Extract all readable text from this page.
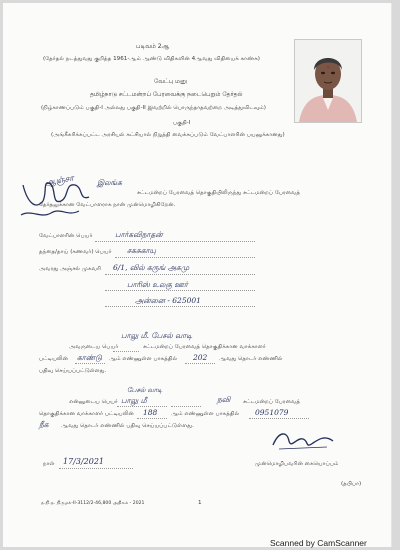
படிவம் 2ஆ
(தேர்தல் நடத்துவது குறித்த 1961-ஆம் ஆண்டு விதிகளின் 4ஆவது விதியைக் காண்க)
வேட்பு மனு
தமிழ்நாடு சட்டமன்றப் பேரவைக்கு நடைபெறும் தேர்தல்
(நிழ்காணப்படும் பகுதி-I அல்லது பகுதி-II இவற்றில் பொருந்தாதவற்றை அடித்துவிடவும்)
பகுதி-I
(அங்கீகரிக்கப்பட்ட அரசியல் கட்சியால் நிறுத்தி வைக்கப்படும் வேட்பாளரின் பயனுக்கானது)
ஆஞ்சா	இலங்க
சட்டமன்றப் பேரவைத் தொகுதியிலிருந்து சட்டமன்றப் பேரவைத்
தேர்தலுக்கான வேட்பாளராக நான் முன்மொழிகிறேன்.
வேட்பாளரின் பெயர்	பார்கவிநாதன்
தந்தை/தாய் (கணவர்) பெயர் சகசுகாயு
அவரது அஞ்சல் முகவரி 6/1, வில் கருங் அகமு
பாரிஸ் உலகு ஊர்
அன்னை - 625001
பாலு மீ. பேசல் வாடி
அவருடைய பெயர்	சட்டமன்றப் பேரவைத் தொகுதிக்கான வாக்காளர்
பட்டியலின் காண்டு ஆம் எண்ணுள்ள பாகத்தில் 202 ஆவது தொடர் எண்ணில்
பதிவு செய்யப்பட்டுள்ளது.
பேசல் வாடி
என்னுடைய பெயர் பாலு மீ	நவி சட்டமன்றப் பேரவைத்
தொகுதிக்கான வாக்காளர் பட்டியலின் 188 ஆம் எண்ணுள்ள பாகத்தில் 0951079
நீக ஆவது தொடர் எண்ணில் பதிவு செய்யப்பட்டுள்ளது.
நாள் 17/3/2021	முன்மொழிபவரின் கையொப்பம்
(தபிபா)
த.நி.த. நிருமக்-II-3112/2-46,800 அதிகம் - 2021	1
Scanned by CamScanner
